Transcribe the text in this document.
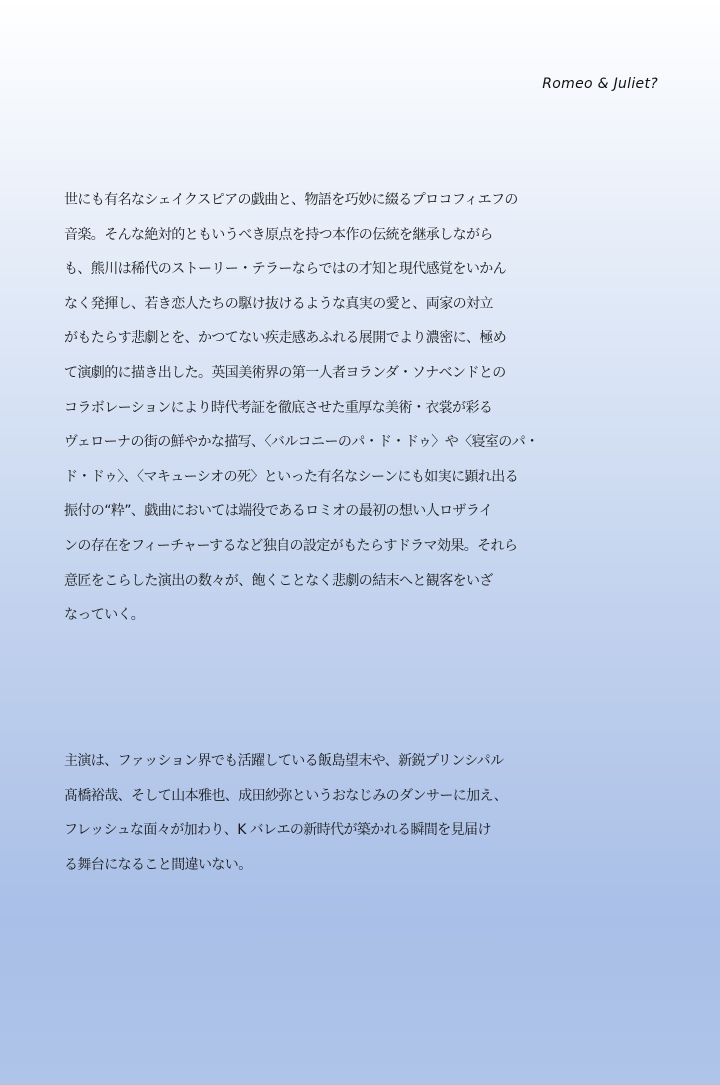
Romeo & Juliet?
世にも有名なシェイクスピアの戯曲と、物語を巧妙に綴るプロコフィエフの
音楽。そんな絶対的ともいうべき原点を持つ本作の伝統を継承しながら
も、熊川は稀代のストーリー・テラーならではの才知と現代感覚をいかん
なく発揮し、若き恋人たちの駆け抜けるような真実の愛と、両家の対立
がもたらす悲劇とを、かつてない疾走感あふれる展開でより濃密に、極め
て演劇的に描き出した。英国美術界の第一人者ヨランダ・ソナベンドとの
コラボレーションにより時代考証を徹底させた重厚な美術・衣裳が彩る
ヴェローナの街の鮮やかな描写、〈バルコニーのパ・ド・ドゥ〉や〈寝室のパ・
ド・ドゥ〉、〈マキューシオの死〉といった有名なシーンにも如実に顕れ出る
振付の“粋”、戯曲においては端役であるロミオの最初の想い人ロザライ
ンの存在をフィーチャーするなど独自の設定がもたらすドラマ効果。それら
意匠をこらした演出の数々が、飽くことなく悲劇の結末へと観客をいざ
なっていく。
主演は、ファッション界でも活躍している飯島望末や、新鋭プリンシパル
髙橋裕哉、そして山本雅也、成田紗弥というおなじみのダンサーに加え、
フレッシュな面々が加わり、K バレエの新時代が築かれる瞬間を見届け
る舞台になること間違いない。
